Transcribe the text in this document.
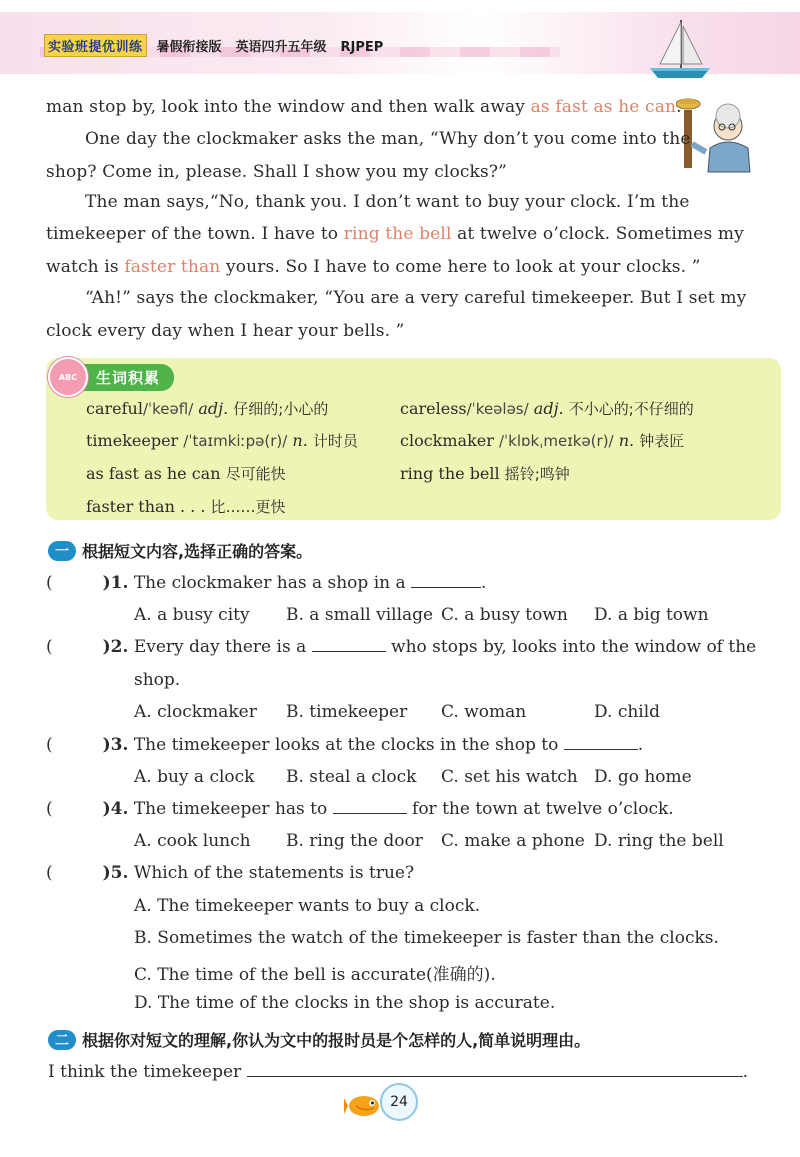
实验班提优训练 暑假衔接版 英语四升五年级 RJPEP
man stop by, look into the window and then walk away as fast as he can.
One day the clockmaker asks the man, “Why don’t you come into the
shop? Come in, please. Shall I show you my clocks?”
The man says,“No, thank you. I don’t want to buy your clock. I’m the
timekeeper of the town. I have to ring the bell at twelve o’clock. Sometimes my
watch is faster than yours. So I have to come here to look at your clocks. ”
“Ah!” says the clockmaker, “You are a very careful timekeeper. But I set my
clock every day when I hear your bells. ”
ABC	生词积累
careful/ˈkeəfl/ adj. 仔细的;小心的	careless/ˈkeələs/ adj. 不小心的;不仔细的
timekeeper /ˈtaɪmkiːpə(r)/ n. 计时员	clockmaker /ˈklɒkˌmeɪkə(r)/ n. 钟表匠
as fast as he can 尽可能快	ring the bell 摇铃;鸣钟
faster than . . . 比……更快
一 根据短文内容,选择正确的答案。
(	)1. The clockmaker has a shop in a	.
A. a busy city B. a small village C. a busy town D. a big town
(	)2. Every day there is a	who stops by, looks into the window of the
shop.
A. clockmaker B. timekeeper C. woman	D. child
(	)3. The timekeeper looks at the clocks in the shop to	.
A. buy a clock B. steal a clock C. set his watch D. go home
(	)4. The timekeeper has to	for the town at twelve o’clock.
A. cook lunch B. ring the door C. make a phone D. ring the bell
(	)5. Which of the statements is true?
A. The timekeeper wants to buy a clock.
B. Sometimes the watch of the timekeeper is faster than the clocks.
C. The time of the bell is accurate(准确的).
D. The time of the clocks in the shop is accurate.
二 根据你对短文的理解,你认为文中的报时员是个怎样的人,简单说明理由。
I think the timekeeper	.
24
